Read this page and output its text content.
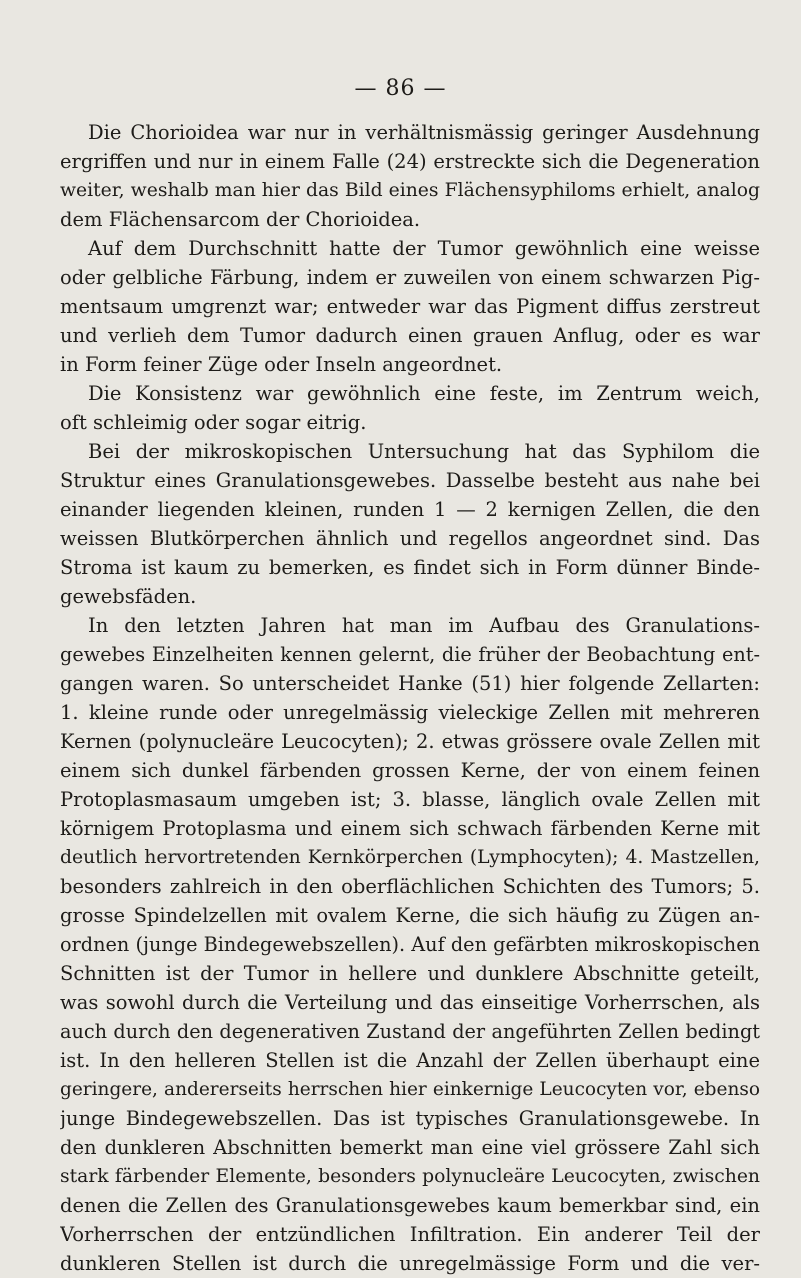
— 86 —
Die Chorioidea war nur in verhältnismässig geringer Ausdehnung
ergriffen und nur in einem Falle (24) erstreckte sich die Degeneration
weiter, weshalb man hier das Bild eines Flächensyphiloms erhielt, analog
dem Flächensarcom der Chorioidea.
Auf dem Durchschnitt hatte der Tumor gewöhnlich eine weisse
oder gelbliche Färbung, indem er zuweilen von einem schwarzen Pig-
mentsaum umgrenzt war; entweder war das Pigment diffus zerstreut
und verlieh dem Tumor dadurch einen grauen Anflug, oder es war
in Form feiner Züge oder Inseln angeordnet.
Die Konsistenz war gewöhnlich eine feste, im Zentrum weich,
oft schleimig oder sogar eitrig.
Bei der mikroskopischen Untersuchung hat das Syphilom die
Struktur eines Granulationsgewebes. Dasselbe besteht aus nahe bei
einander liegenden kleinen, runden 1 — 2 kernigen Zellen, die den
weissen Blutkörperchen ähnlich und regellos angeordnet sind. Das
Stroma ist kaum zu bemerken, es findet sich in Form dünner Binde-
gewebsfäden.
In den letzten Jahren hat man im Aufbau des Granulations-
gewebes Einzelheiten kennen gelernt, die früher der Beobachtung ent-
gangen waren. So unterscheidet Hanke (51) hier folgende Zellarten:
1. kleine runde oder unregelmässig vieleckige Zellen mit mehreren
Kernen (polynucleäre Leucocyten); 2. etwas grössere ovale Zellen mit
einem sich dunkel färbenden grossen Kerne, der von einem feinen
Protoplasmasaum umgeben ist; 3. blasse, länglich ovale Zellen mit
körnigem Protoplasma und einem sich schwach färbenden Kerne mit
deutlich hervortretenden Kernkörperchen (Lymphocyten); 4. Mastzellen,
besonders zahlreich in den oberflächlichen Schichten des Tumors; 5.
grosse Spindelzellen mit ovalem Kerne, die sich häufig zu Zügen an-
ordnen (junge Bindegewebszellen). Auf den gefärbten mikroskopischen
Schnitten ist der Tumor in hellere und dunklere Abschnitte geteilt,
was sowohl durch die Verteilung und das einseitige Vorherrschen, als
auch durch den degenerativen Zustand der angeführten Zellen bedingt
ist. In den helleren Stellen ist die Anzahl der Zellen überhaupt eine
geringere, andererseits herrschen hier einkernige Leucocyten vor, ebenso
junge Bindegewebszellen. Das ist typisches Granulationsgewebe. In
den dunkleren Abschnitten bemerkt man eine viel grössere Zahl sich
stark färbender Elemente, besonders polynucleäre Leucocyten, zwischen
denen die Zellen des Granulationsgewebes kaum bemerkbar sind, ein
Vorherrschen der entzündlichen Infiltration. Ein anderer Teil der
dunkleren Stellen ist durch die unregelmässige Form und die ver-
